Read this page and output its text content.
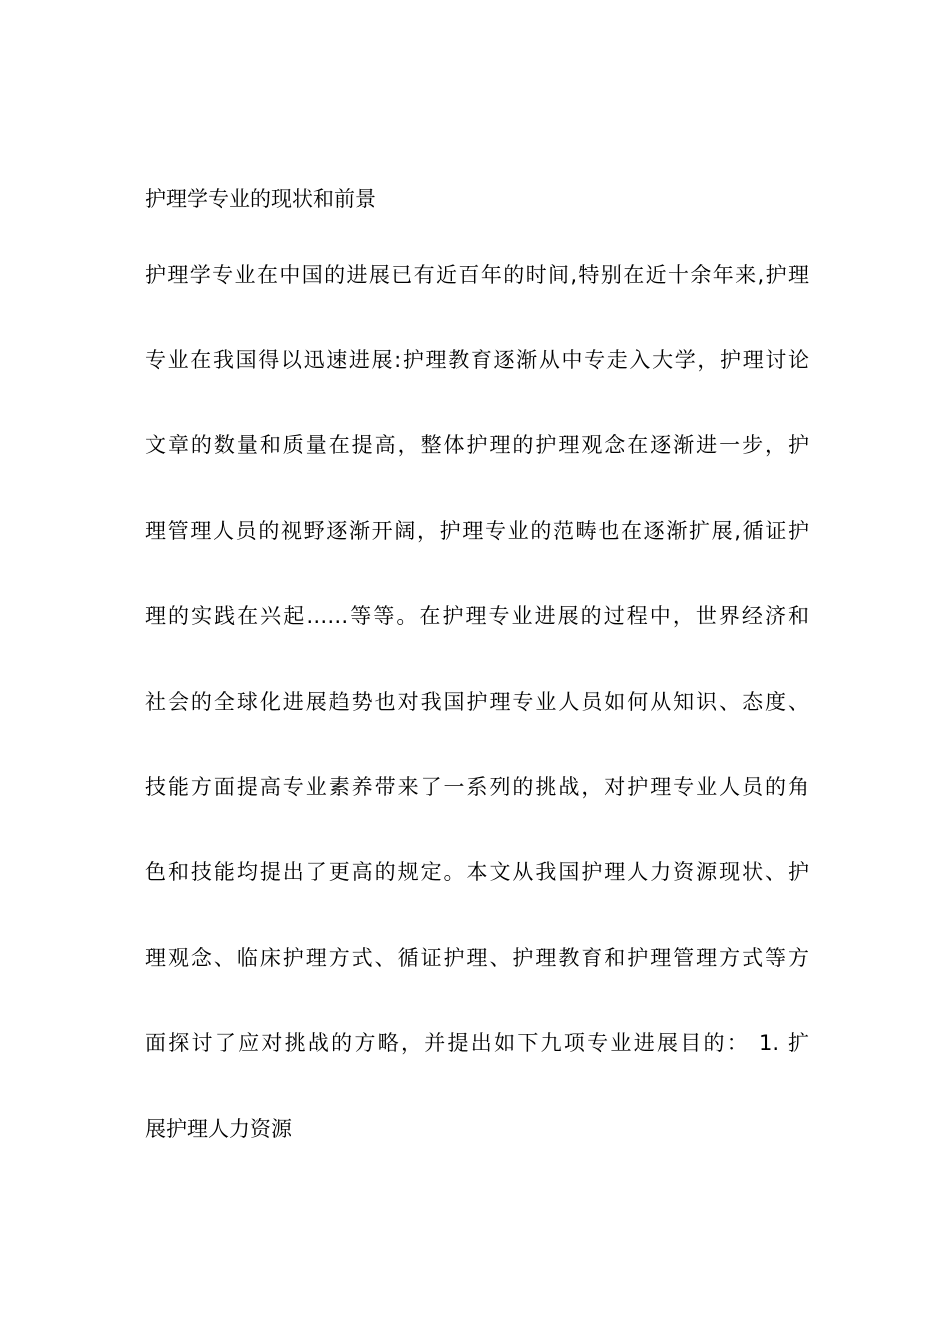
护理学专业的现状和前景

护理学专业在中国的进展已有近百年的时间,特别在近十余年来,护理

专业在我国得以迅速进展:护理教育逐渐从中专走入大学，护理讨论

文章的数量和质量在提高，整体护理的护理观念在逐渐进一步，护

理管理人员的视野逐渐开阔，护理专业的范畴也在逐渐扩展,循证护

理的实践在兴起……等等。在护理专业进展的过程中，世界经济和

社会的全球化进展趋势也对我国护理专业人员如何从知识、态度、

技能方面提高专业素养带来了一系列的挑战，对护理专业人员的角

色和技能均提出了更高的规定。本文从我国护理人力资源现状、护

理观念、临床护理方式、循证护理、护理教育和护理管理方式等方

面探讨了应对挑战的方略，并提出如下九项专业进展目的： 1. 扩

展护理人力资源
